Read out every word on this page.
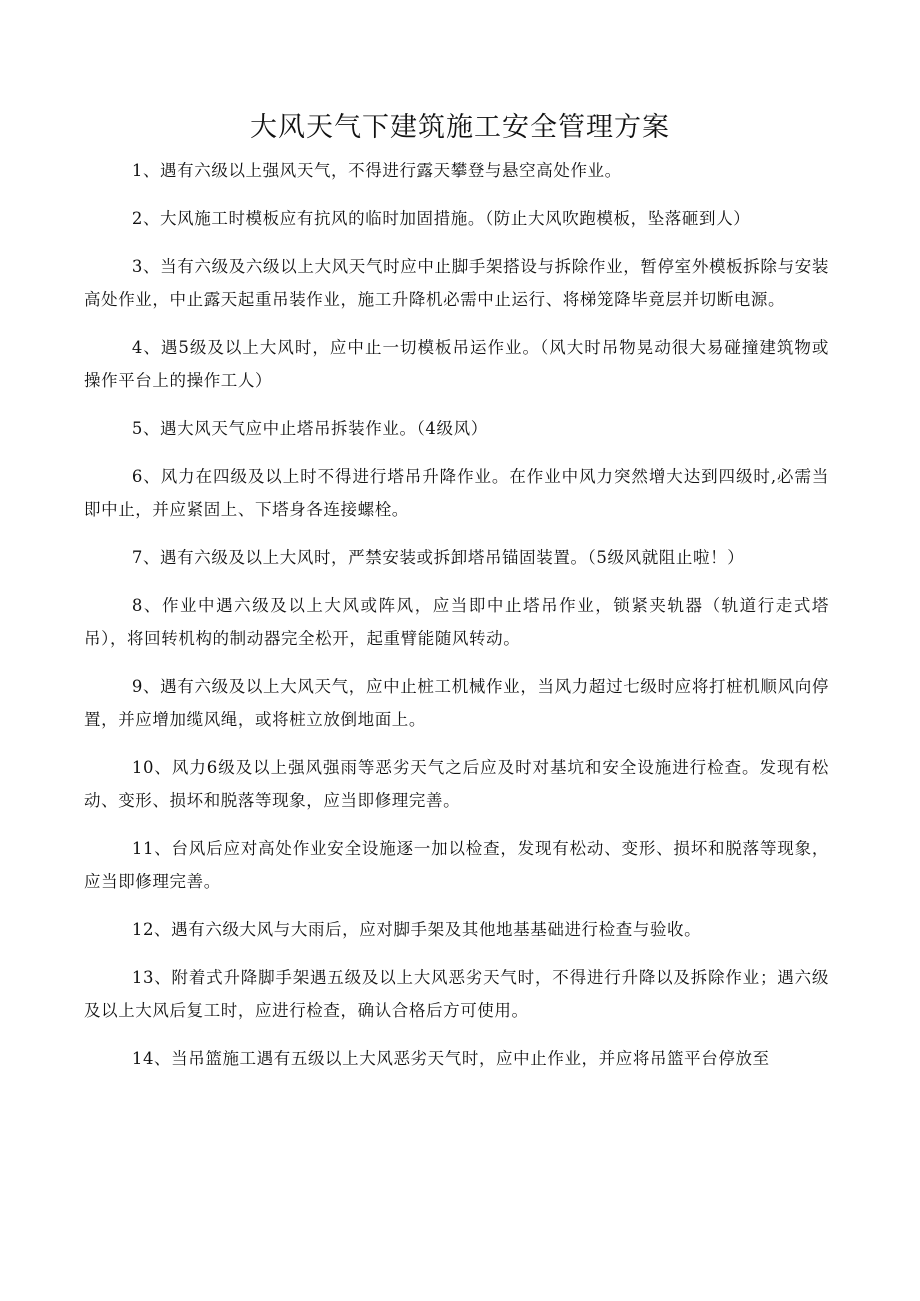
大风天气下建筑施工安全管理方案

1、遇有六级以上强风天气，不得进行露天攀登与悬空高处作业。

2、大风施工时模板应有抗风的临时加固措施。（防止大风吹跑模板，坠落砸到人）

3、当有六级及六级以上大风天气时应中止脚手架搭设与拆除作业，暂停室外模板拆除与安装高处作业，中止露天起重吊装作业，施工升降机必需中止运行、将梯笼降毕竟层并切断电源。

4、遇5级及以上大风时，应中止一切模板吊运作业。（风大时吊物晃动很大易碰撞建筑物或操作平台上的操作工人）

5、遇大风天气应中止塔吊拆装作业。（4级风）

6、风力在四级及以上时不得进行塔吊升降作业。在作业中风力突然增大达到四级时,必需当即中止，并应紧固上、下塔身各连接螺栓。

7、遇有六级及以上大风时，严禁安装或拆卸塔吊锚固装置。（5级风就阻止啦！）

8、作业中遇六级及以上大风或阵风，应当即中止塔吊作业，锁紧夹轨器（轨道行走式塔吊），将回转机构的制动器完全松开，起重臂能随风转动。

9、遇有六级及以上大风天气，应中止桩工机械作业，当风力超过七级时应将打桩机顺风向停置，并应增加缆风绳，或将桩立放倒地面上。

10、风力6级及以上强风强雨等恶劣天气之后应及时对基坑和安全设施进行检查。发现有松动、变形、损坏和脱落等现象，应当即修理完善。

11、台风后应对高处作业安全设施逐一加以检查，发现有松动、变形、损坏和脱落等现象，应当即修理完善。

12、遇有六级大风与大雨后，应对脚手架及其他地基基础进行检查与验收。

13、附着式升降脚手架遇五级及以上大风恶劣天气时，不得进行升降以及拆除作业；遇六级及以上大风后复工时，应进行检查，确认合格后方可使用。

14、当吊篮施工遇有五级以上大风恶劣天气时，应中止作业，并应将吊篮平台停放至
